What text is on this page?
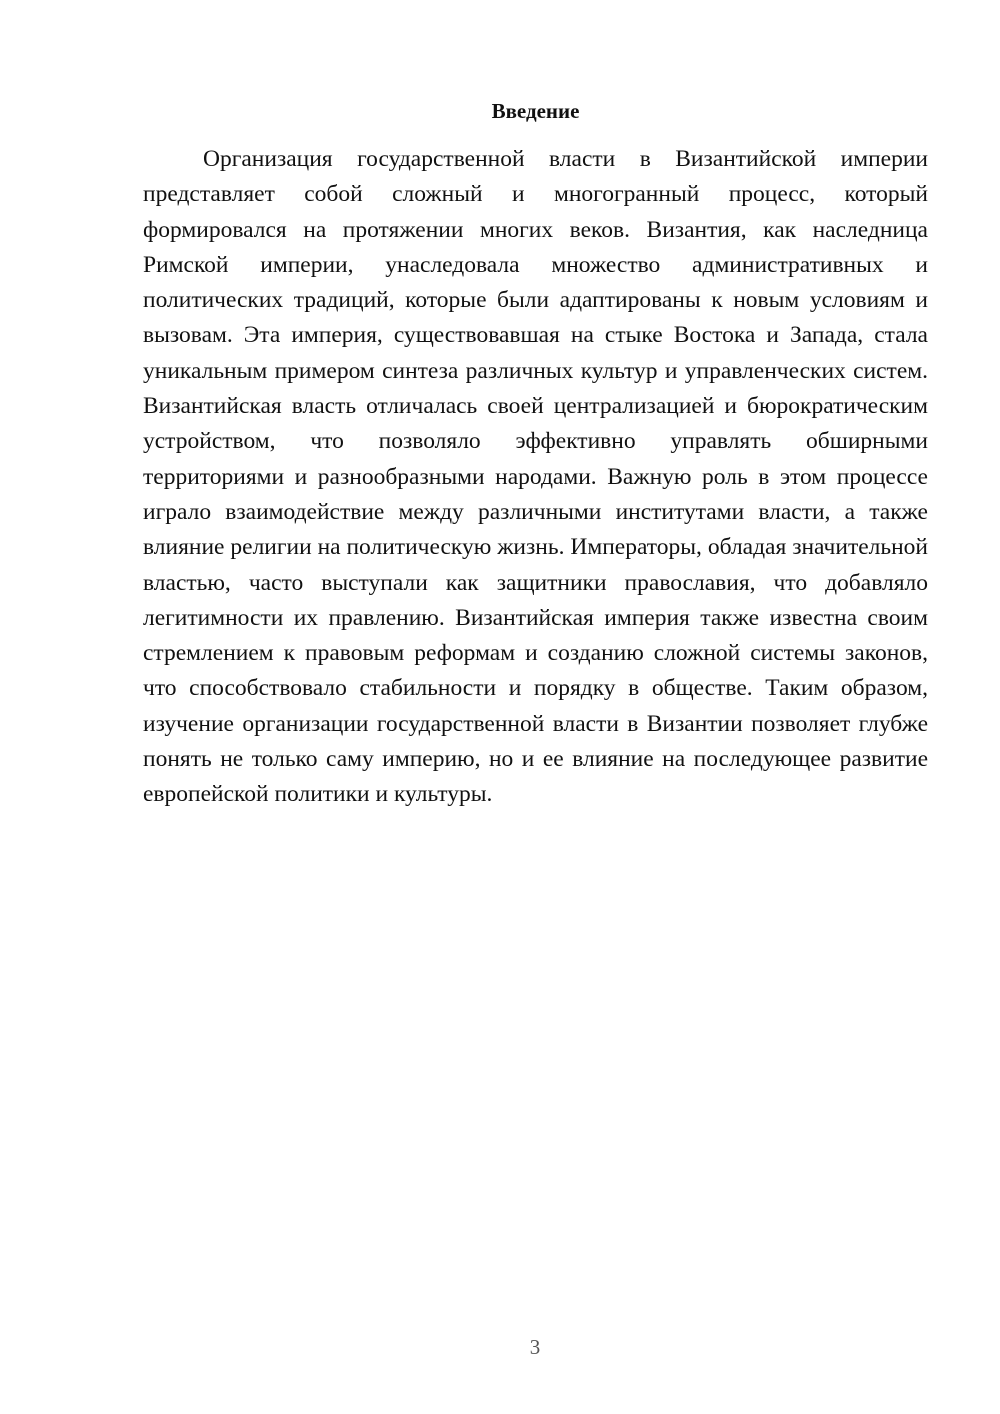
Введение

Организация государственной власти в Византийской империи представляет собой сложный и многогранный процесс, который формировался на протяжении многих веков. Византия, как наследница Римской империи, унаследовала множество административных и политических традиций, которые были адаптированы к новым условиям и вызовам. Эта империя, существовавшая на стыке Востока и Запада, стала уникальным примером синтеза различных культур и управленческих систем. Византийская власть отличалась своей централизацией и бюрократическим устройством, что позволяло эффективно управлять обширными территориями и разнообразными народами. Важную роль в этом процессе играло взаимодействие между различными институтами власти, а также влияние религии на политическую жизнь. Императоры, обладая значительной властью, часто выступали как защитники православия, что добавляло легитимности их правлению. Византийская империя также известна своим стремлением к правовым реформам и созданию сложной системы законов, что способствовало стабильности и порядку в обществе. Таким образом, изучение организации государственной власти в Византии позволяет глубже понять не только саму империю, но и ее влияние на последующее развитие европейской политики и культуры.

3
